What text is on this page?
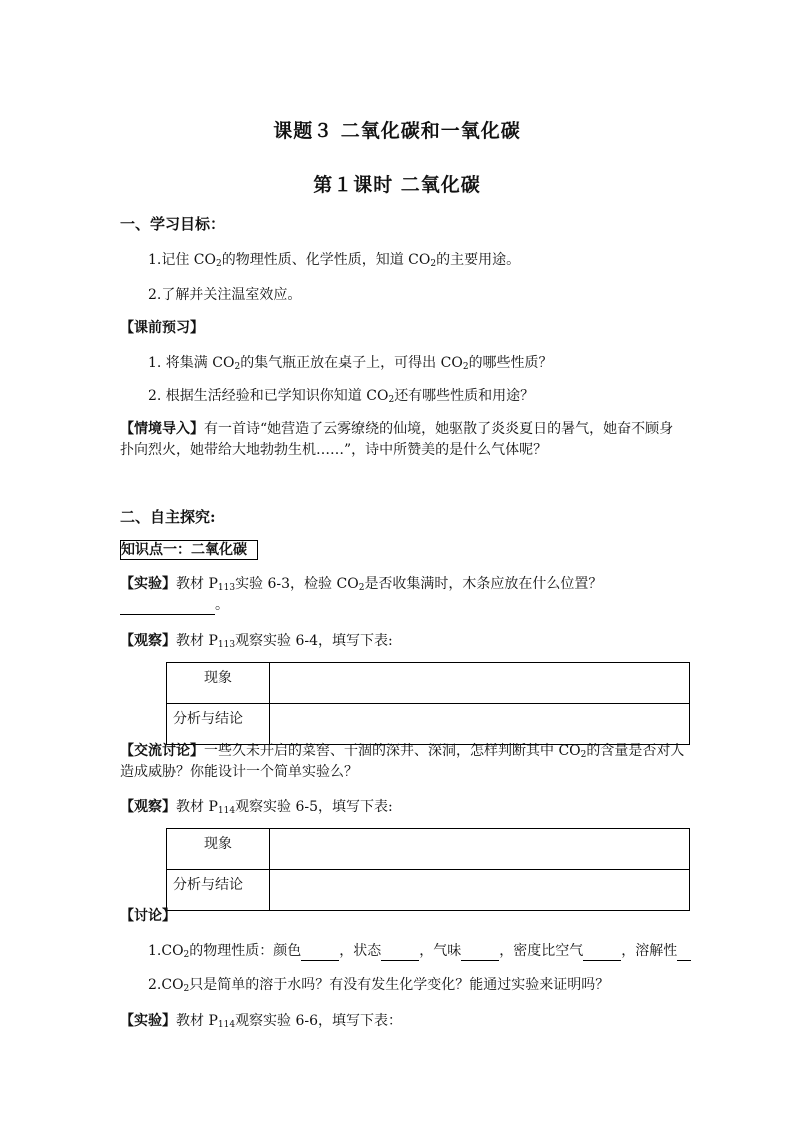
课题３ 二氧化碳和一氧化碳
第１课时 二氧化碳
一、学习目标：
1.记住 $CO_2$的物理性质、化学性质，知道 $CO_2$的主要用途。
2.了解并关注温室效应。
【课前预习】
1. 将集满 $CO_2$的集气瓶正放在桌子上，可得出 $CO_2$的哪些性质？
2. 根据生活经验和已学知识你知道 $CO_2$还有哪些性质和用途？
【情境导入】有一首诗“她营造了云雾缭绕的仙境，她驱散了炎炎夏日的暑气，她奋不顾身
扑向烈火，她带给大地勃勃生机……”，诗中所赞美的是什么气体呢？
二、自主探究:
知识点一：二氧化碳
【实验】教材 $P_{113}$实验 6-3，检验 $CO_2$是否收集满时，木条应放在什么位置？
。
【观察】教材 $P_{113}$观察实验 6-4，填写下表:
现象	
分析与结论	
【交流讨论】一些久未开启的菜窖、干涸的深井、深洞，怎样判断其中 $CO_2$的含量是否对人
造成威胁？你能设计一个简单实验么？
【观察】教材 $P_{114}$观察实验 6-5，填写下表:
现象	
分析与结论	
【讨论】
$1.CO_2$的物理性质：颜色	，状态	，气味	，密度比空气	，溶解性
$2.CO_2$只是简单的溶于水吗？有没有发生化学变化？能通过实验来证明吗？
【实验】教材 $P_{114}$观察实验 6-6，填写下表：
